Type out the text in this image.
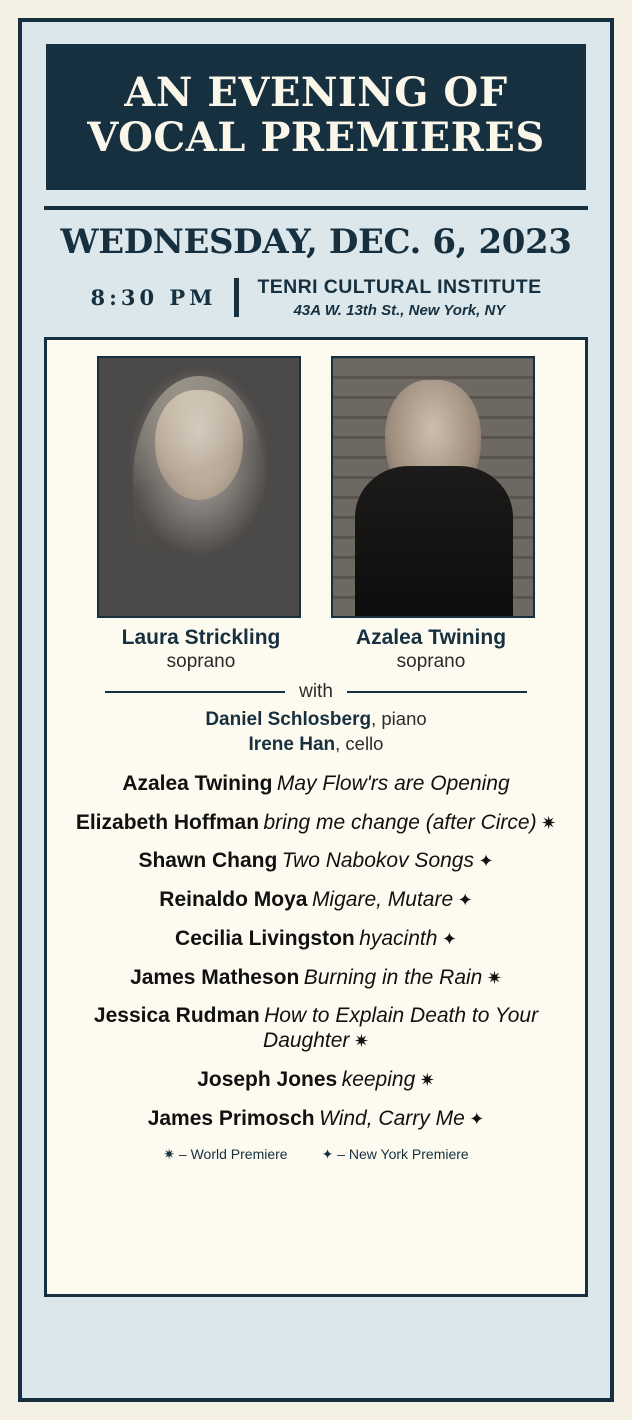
AN EVENING OF
VOCAL PREMIERES
WEDNESDAY, DEC. 6, 2023
8:30 PM	TENRI CULTURAL INSTITUTE
43A W. 13th St., New York, NY
Laura Strickling
soprano
Azalea Twining
soprano
with
Daniel Schlosberg, piano
Irene Han, cello
Azalea Twining May Flow'rs are Opening
Elizabeth Hoffman bring me change (after Circe) ✷
Shawn Chang Two Nabokov Songs ✦
Reinaldo Moya Migare, Mutare ✦
Cecilia Livingston hyacinth ✦
James Matheson Burning in the Rain ✷
Jessica Rudman How to Explain Death to Your Daughter ✷
Joseph Jones keeping ✷
James Primosch Wind, Carry Me ✦
✷ – World Premiere ✦ – New York Premiere
